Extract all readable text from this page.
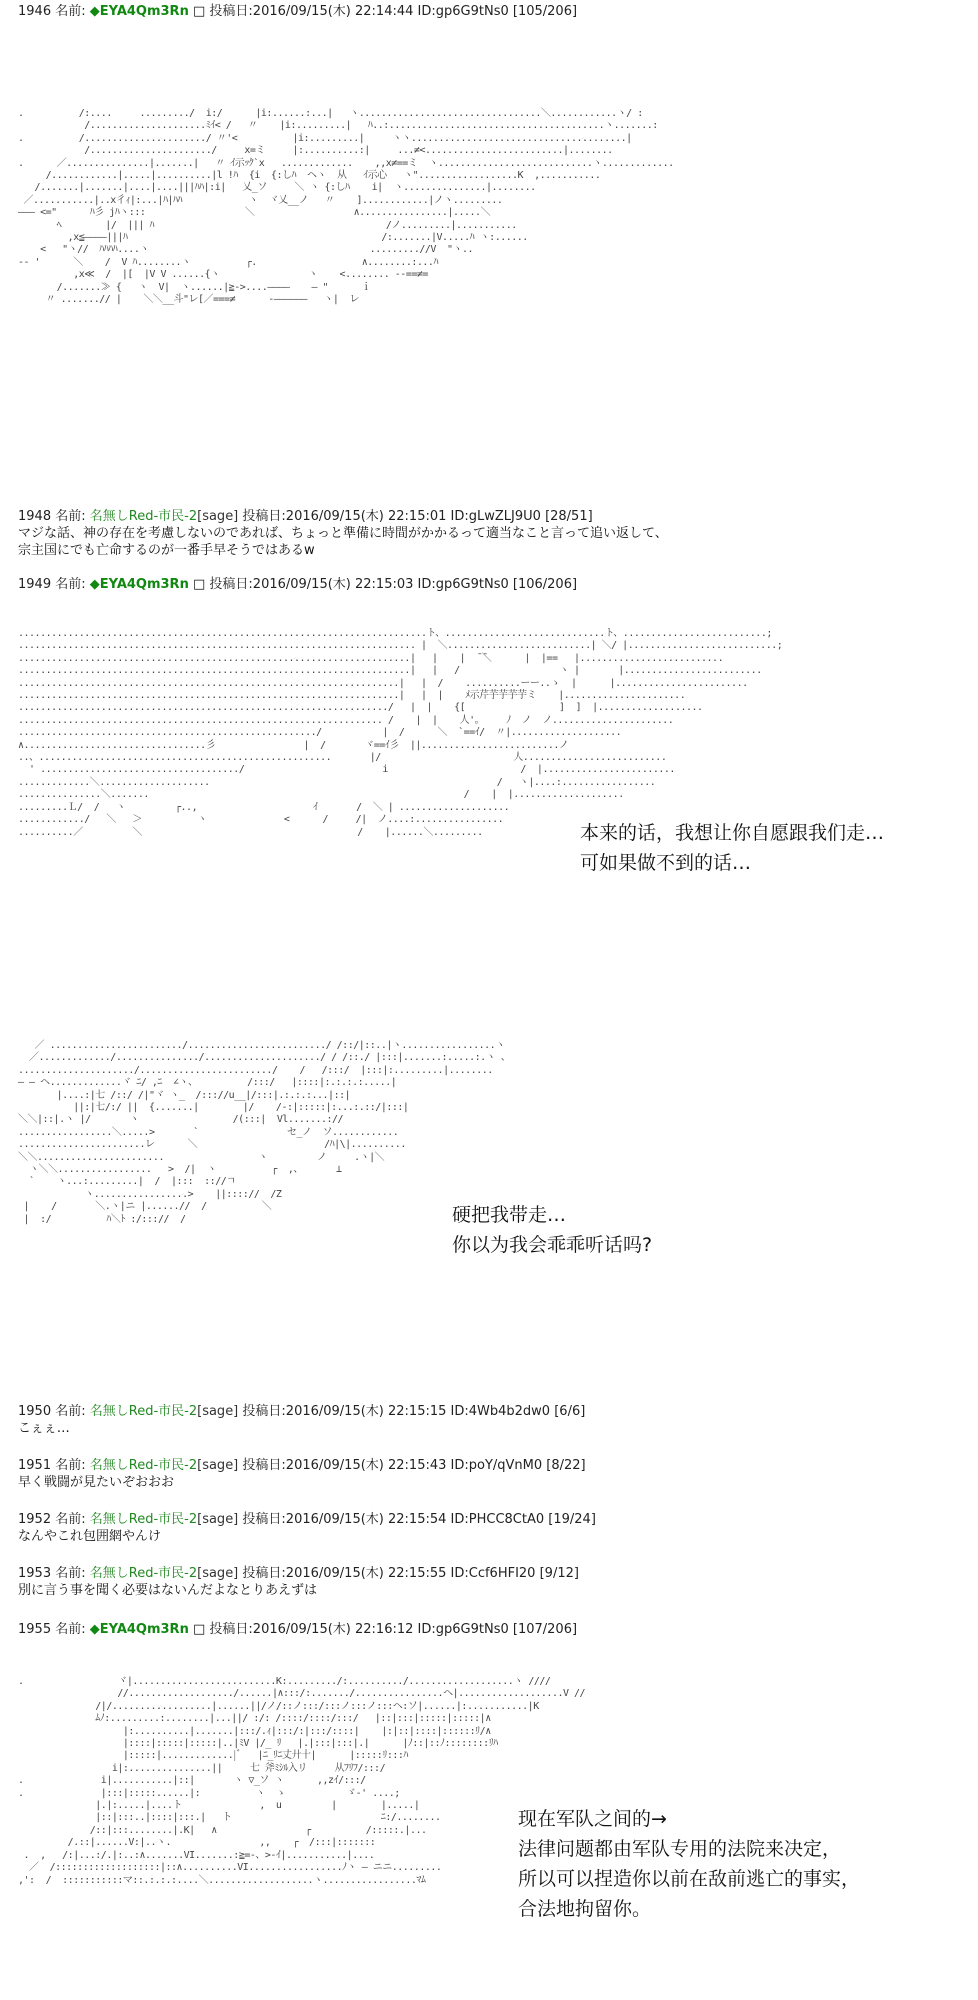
1946 名前: ◆EYA4Qm3Rn □ 投稿日:2016/09/15(木) 22:14:44 ID:gp6G9tNs0 [105/206]
.          /:....     ........./  i:/      |i:......:...|   ヽ.................................＼............ヽ/ :
/.....................ﾐｲ< /   〃    |i:.........|   ﾊ..:.......................................ヽ.......:
.          /....................../ 〃'<          |i:.........|     ヽヽ.......................................|
/....................../     x=ミ     |:..........:|     ...≠<.........................|........
.      ／...............|.......|   〃 ｲ示ｯｸ`x   .............    ,,x≠==ミ  ヽ............................ヽ.............
/............|.....|..........|l !ﾊ  {i  {:しﾊ  ヘヽ  从   ｲ示心   ヽ"..................K  ,...........
/.......|.......|....|....|||ﾊﾊ|:i|   乂_ソ     ＼ ヽ {:しﾊ    i|  ヽ...............|........
／...........|..x彳ｨ|:...|ﾊ|ﾊﾊ            ヽ  ヾ乂__ノ   〃    ]............|ノヽ.........
――― <="      ﾊ彡 jﾊヽ:::                  ＼                  ∧................|.....＼
ﾍ        |/  ||| ﾊ                                          /ノ.........|...........
,x≦――――|||ﾊ                                              /:.......|V.....ﾊ ヽ:......
<   "ヽ//  ﾊﾊﾊﾊ....ヽ                                        .........//V  "ヽ..
-- '      ＼    /  V ﾊ........ヽ          ┌.                   ∧........:...ﾊ
,x≪  /  |[  |V V ......{ヽ                ヽ    <........ --==≠=
/.......≫ {   ヽ  V|  ヽ......|≧->....――――    ― "      ｉ
〃 .......// |    ＼＼__斗"レ[／===≠      ‐――――――   ヽ|  レ
1948 名前: 名無しRed-市民-2[sage] 投稿日:2016/09/15(木) 22:15:01 ID:gLwZLJ9U0 [28/51]
マジな話、神の存在を考慮しないのであれば、ちょっと準備に時間がかかるって適当なこと言って追い返して、
宗主国にでも亡命するのが一番手早そうではあるw
1949 名前: ◆EYA4Qm3Rn □ 投稿日:2016/09/15(木) 22:15:03 ID:gp6G9tNs0 [106/206]
..........................................................................ト、.............................ト、..........................;
........................................................................ |  ＼..........................| ＼/ |...........................;
.......................................................................|   |    |  ̄ ̄＼      |  |==   |..........................
.......................................................................|   |   /                  ヽ |       |.........................
.....................................................................|   |  /    ..........ーー..ゝ  |      |........................
.....................................................................|   |  |    ﾒ示芹芋芋芋芋ミ    |......................
.................................................................../   |  |    {[                 ]  ]  |...................
.................................................................. /    |  |    人'。    ﾉ  ノ  ノ......................
....................................................../           |  /      ＼  `==ｲ/  〃|....................
∧.................................彡                |  /       ヾ==ｲ彡  ||.........................ノ
..、.....................................................       |/                        人..........................
' ..................................../                         i                        /  |........................
.............＼....................                                                    /   ヽ|....:.................
...............＼.......                                                         /    |  |....................
.........Ｌ/  /   ヽ         ┌..,                     ｲ       /  ＼ | ....................
............/   ＼   ＞          ヽ              <      /     /|  ノ....:................
..........／         ＼                                       /    |......＼.........	本来的话，我想让你自愿跟我们走…
可如果做不到的话…
／ ......................../........................./ /::/|::..|ヽ.................ヽ
／............./.............../...................../ / /::./ |:::|.......:.....:.ヽ 、
...................../......................../    /   /:::/  |:::|:.........|........
― ― ヘ.............ヾ ﾆ/ ,ﾆ  ∠ヽ、         /:::/   |::::|:.:.:.:.....|
|....:|七 /::/ /|"ヾ ヽ_  /::://u__|/:::|.:.:.:...|::|
||:|七/:/ ||  {.......|        |/    /-:|:::::|:...:.::/|:::|
＼＼|::|.ヽ |/       ヽ                 /(:::|  Vl.......://
.................＼.....>       `                セ_ノ  ソ............
.......................レ      ＼                       /ﾊ|\|..........
＼＼.......................                 ヽ         ノ     .ヽ|＼
ヽ＼＼.................   >  /|  ヽ          ┌  ,、      ⊥
`    ヽ...:.........|  /  |:::  :://ㄱ
ヽ.................>    ||:::://  /Z
|    /       ＼.ヽ|ニ |......//  /          ＼
|  :/          ﾊ＼ﾄ :/::://  /	硬把我带走…
你以为我会乖乖听话吗?
1950 名前: 名無しRed-市民-2[sage] 投稿日:2016/09/15(木) 22:15:15 ID:4Wb4b2dw0 [6/6]
こぇぇ…
1951 名前: 名無しRed-市民-2[sage] 投稿日:2016/09/15(木) 22:15:43 ID:poY/qVnM0 [8/22]
早く戦闘が見たいぞおおお
1952 名前: 名無しRed-市民-2[sage] 投稿日:2016/09/15(木) 22:15:54 ID:PHCC8CtA0 [19/24]
なんやこれ包囲網やんけ
1953 名前: 名無しRed-市民-2[sage] 投稿日:2016/09/15(木) 22:15:55 ID:Ccf6HFI20 [9/12]
別に言う事を聞く必要はないんだよなとりあえずは
1955 名前: ◆EYA4Qm3Rn □ 投稿日:2016/09/15(木) 22:16:12 ID:gp6G9tNs0 [107/206]
.                 ヾ|..........................K:........./:........../...................ヽ ////
//.................../......|∧:::/:......./................ヘ|...................V //
/|/..................|......||/ノ/::ノ:::/:::ノ:::ノ:::ヘ:ソ|......|:...........|K
ﾑﾉ:.........:........|...||/ :/: /::::/::::/:::/   |::|:::|:::::|:::::|∧
|:..........|.......|:::/.ｨ|:::/:|:::/::::|    |:|::|::::|::::::ﾘ/∧
|::::|:::::|:::::|..|ﾐV |/_ ﾘ   |.|:::|:::|.|      |ﾉ::|::ﾉ::::::::ﾘﾊ
|:::::|.............|ﾞ   |ﾆ_ﾘﾆ丈廾十|      |:::::ﾘ:::ﾊ
i|:...............||     七 斧ﾐｼﾙ入リ     从ﾌﾘﾌ/:::/
.              i|...........|::|       ヽ ▽_ソ ヽ      ,,zｲ/:::/
.              |:::|:::::......|:          ヽ  ゝ           ゞ‐' ....;
|.|:.....|....ト              ,  u         |        |.....|
|::|:::..|::::|:::.|   ト                           ﾆ:/........
/::|:::........|.K|   ∧                ┌          /:::::.|...
/.::|......V:|..ヽ.                ,,    ┌  /:::|:::::::
.  ,   /:|...:/.|:..:∧.......VI.......:≧=-、>-ｲ|...........|....
／  /:::::::::::::::::::|::∧..........VI.................ﾉヽ ― ニニ.........
,':  /  :::::::::::マ::.:.:.:....＼...................ヽ.................ﾏﾑ
现在军队之间的→
法律问题都由军队专用的法院来决定，
所以可以捏造你以前在敌前逃亡的事实，
合法地拘留你。
